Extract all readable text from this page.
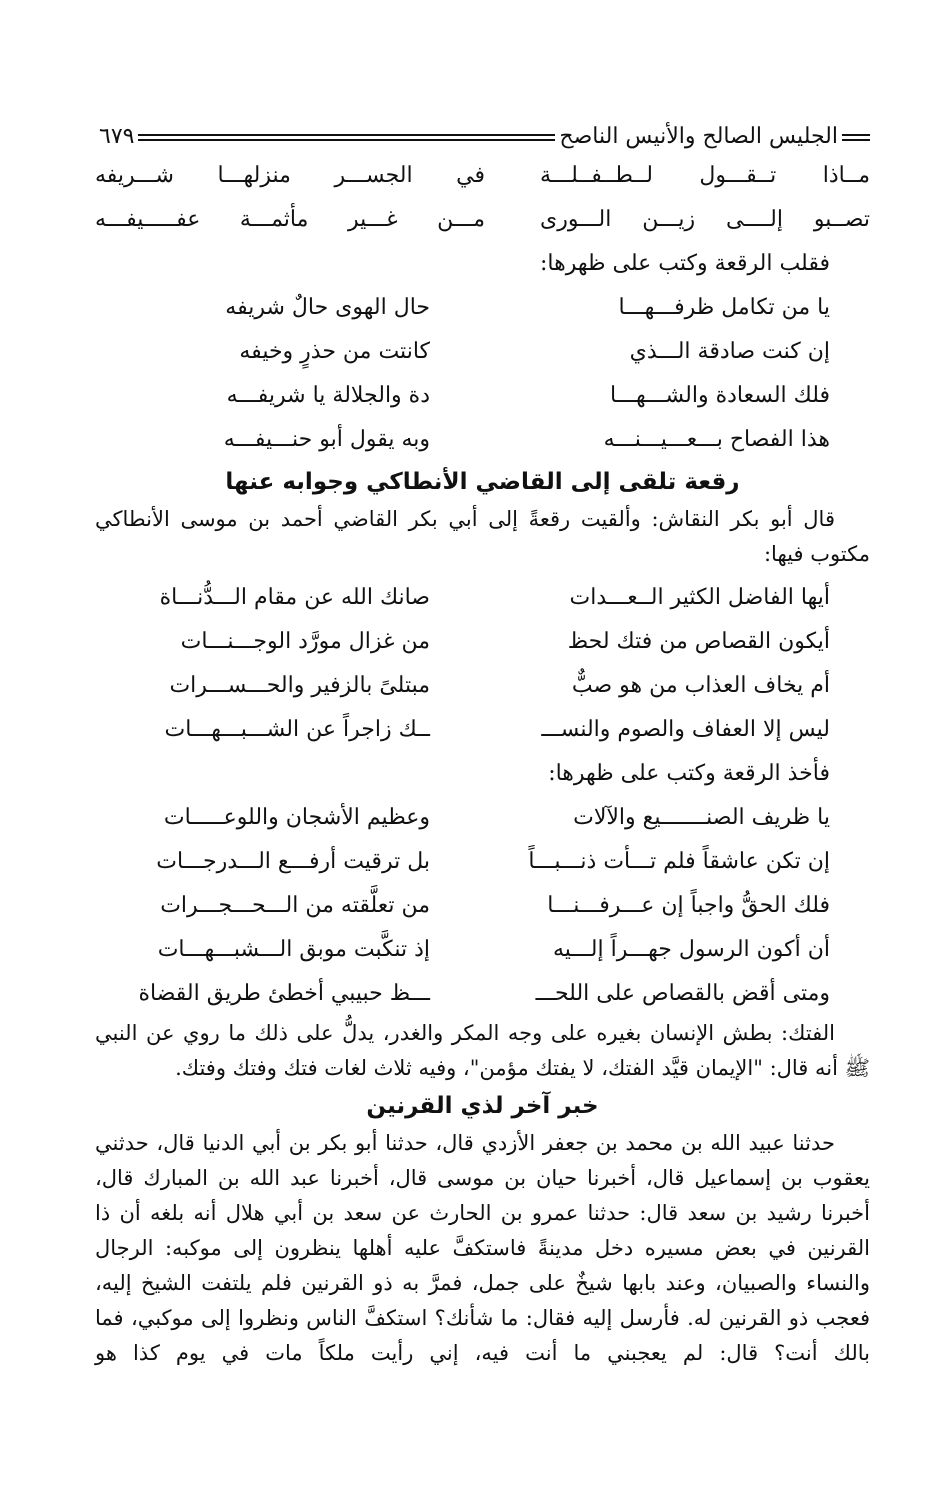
الجليس الصالح والأنيس الناصح
٦٧٩
مــاذا تــقـــول لــطــفــلـــة
في الجســـر منزلهـــا شـــريفه
تصــبو إلــــى زيـــن الـــورى
مـــن غـــير مأثمـــة عفـــــيفـــه
فقلب الرقعة وكتب على ظهرها:
يا من تكامل ظرفـــهـــا
حال الهوى حالٌ شريفه
إن كنت صادقة الـــذي
كانتت من حذرٍ وخيفه
فلك السعادة والشـــهـــا
دة والجلالة يا شريفـــه
هذا الفصاح بـــعـــيـــنـــه
وبه يقول أبو حنـــيفـــه
رقعة تلقى إلى القاضي الأنطاكي وجوابه عنها

قال أبو بكر النقاش: وألقيت رقعةً إلى أبي بكر القاضي أحمد بن موسى الأنطاكي مكتوب فيها:

أيها الفاضل الكثير الــعـــدات
صانك الله عن مقام الـــدُّنـــاة
أيكون القصاص من فتك لحظ
من غزال مورَّد الوجـــنـــات
أم يخاف العذاب من هو صبٌّ
مبتلىً بالزفير والحـــســـرات
ليس إلا العفاف والصوم والنســـ
ــك زاجراً عن الشـــبـــهـــات
فأخذ الرقعة وكتب على ظهرها:
يا ظريف الصنـــــــيع والآلات
وعظيم الأشجان واللوعـــــات
إن تكن عاشقاً فلم تـــأت ذنـــبـــاً
بل ترقيت أرفـــع الـــدرجـــات
فلك الحقُّ واجباً إن عـــرفـــنـــا
من تعلَّقته من الـــحـــجـــرات
أن أكون الرسول جهـــراً إلـــيه
إذ تنكَّبت موبق الـــشبـــهـــات
ومتى أقض بالقصاص على اللحـــ
ـــظ حبيبي أخطئ طريق القضاة

الفتك: بطش الإنسان بغيره على وجه المكر والغدر، يدلُّ على ذلك ما روي عن النبي ﷺ أنه قال: "الإيمان قيَّد الفتك، لا يفتك مؤمن"، وفيه ثلاث لغات فتك وفتك وفتك.

خبر آخر لذي القرنين

حدثنا عبيد الله بن محمد بن جعفر الأزدي قال، حدثنا أبو بكر بن أبي الدنيا قال، حدثني يعقوب بن إسماعيل قال، أخبرنا حيان بن موسى قال، أخبرنا عبد الله بن المبارك قال، أخبرنا رشيد بن سعد قال: حدثنا عمرو بن الحارث عن سعد بن أبي هلال أنه بلغه أن ذا القرنين في بعض مسيره دخل مدينةً فاستكفَّ عليه أهلها ينظرون إلى موكبه: الرجال والنساء والصبيان، وعند بابها شيخٌ على جمل، فمرَّ به ذو القرنين فلم يلتفت الشيخ إليه، فعجب ذو القرنين له. فأرسل إليه فقال: ما شأنك؟ استكفَّ الناس ونظروا إلى موكبي، فما بالك أنت؟ قال: لم يعجبني ما أنت فيه، إني رأيت ملكاً مات في يوم كذا هو
